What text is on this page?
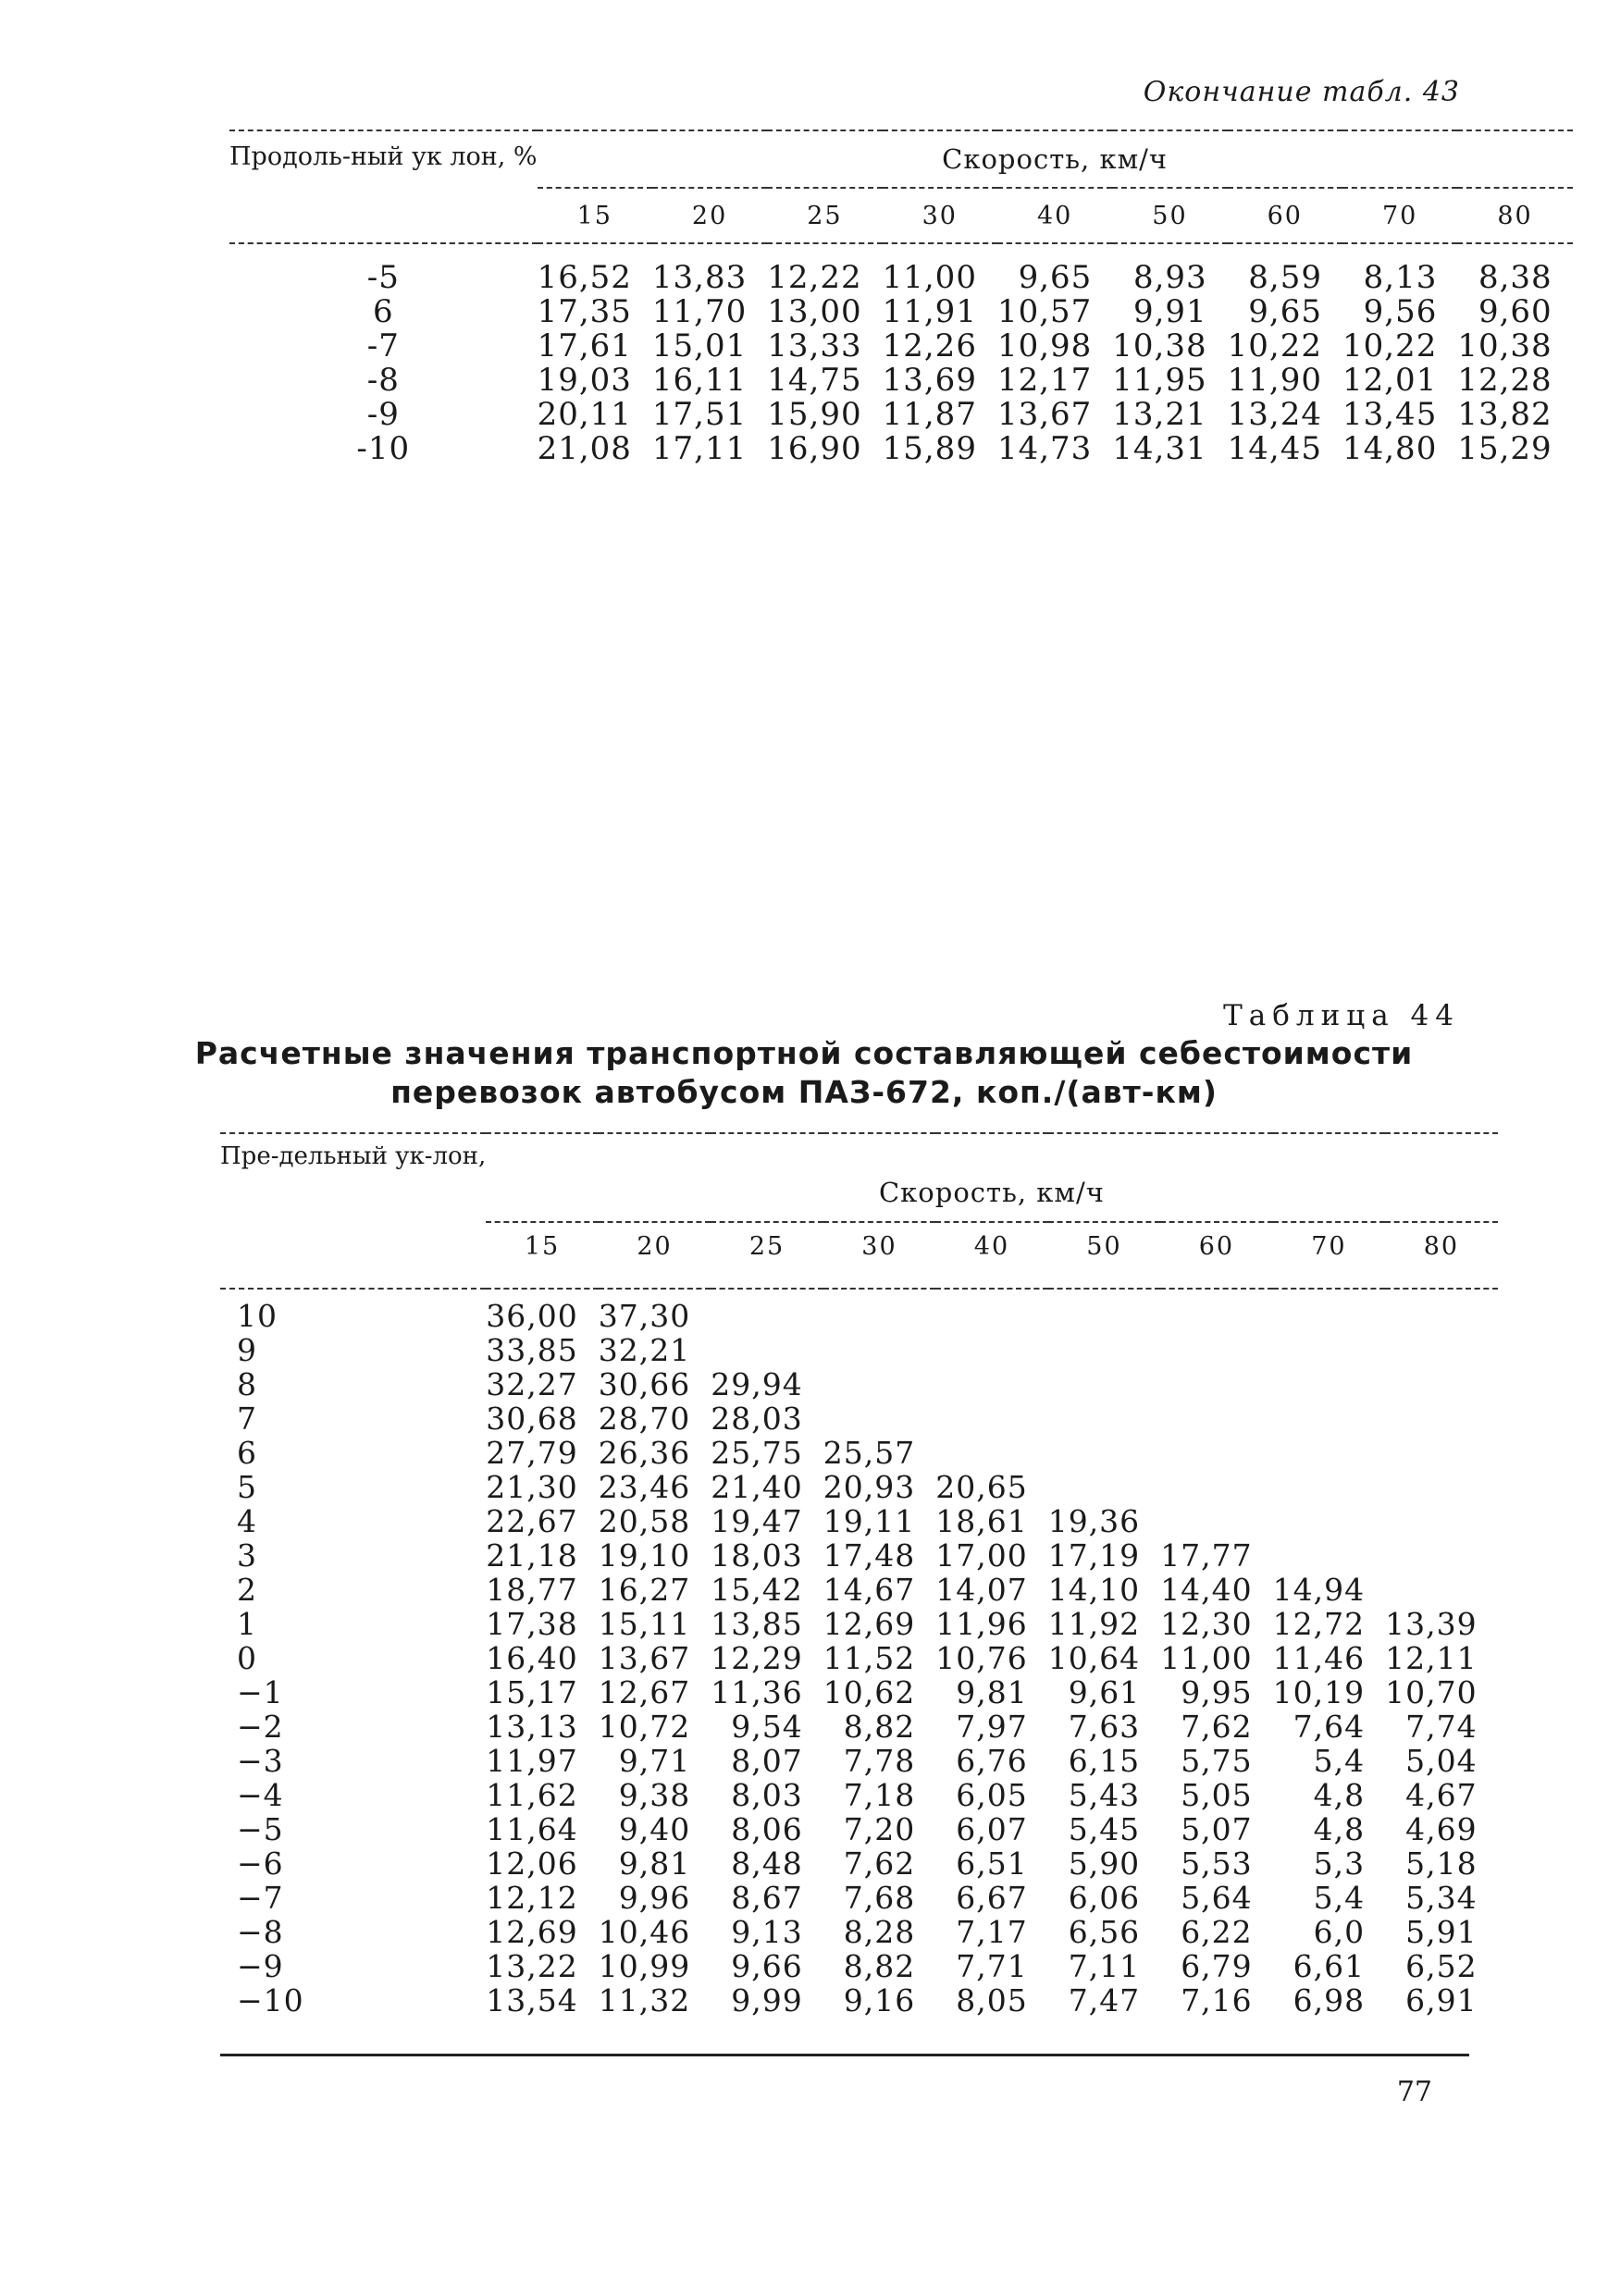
Окончание табл. 43
Продоль-ный ук лон, %	Скорость, км/ч								
	15	20	25	30	40	50	60	70	80
-5	16,52	13,83	12,22	11,00	9,65	8,93	8,59	8,13	8,38
6	17,35	11,70	13,00	11,91	10,57	9,91	9,65	9,56	9,60
-7	17,61	15,01	13,33	12,26	10,98	10,38	10,22	10,22	10,38
-8	19,03	16,11	14,75	13,69	12,17	11,95	11,90	12,01	12,28
-9	20,11	17,51	15,90	11,87	13,67	13,21	13,24	13,45	13,82
-10	21,08	17,11	16,90	15,89	14,73	14,31	14,45	14,80	15,29
Таблица 44
Расчетные значения транспортной составляющей себестоимости
перевозок автобусом ПАЗ-672, коп./(авт-км)
Пре-дельный ук-лон,	Скорость, км/ч								
	15	20	25	30	40	50	60	70	80
10	36,00	37,30							
9	33,85	32,21							
8	32,27	30,66	29,94						
7	30,68	28,70	28,03						
6	27,79	26,36	25,75	25,57					
5	21,30	23,46	21,40	20,93	20,65				
4	22,67	20,58	19,47	19,11	18,61	19,36			
3	21,18	19,10	18,03	17,48	17,00	17,19	17,77		
2	18,77	16,27	15,42	14,67	14,07	14,10	14,40	14,94	
1	17,38	15,11	13,85	12,69	11,96	11,92	12,30	12,72	13,39
0	16,40	13,67	12,29	11,52	10,76	10,64	11,00	11,46	12,11
−1	15,17	12,67	11,36	10,62	9,81	9,61	9,95	10,19	10,70
−2	13,13	10,72	9,54	8,82	7,97	7,63	7,62	7,64	7,74
−3	11,97	9,71	8,07	7,78	6,76	6,15	5,75	5,4	5,04
−4	11,62	9,38	8,03	7,18	6,05	5,43	5,05	4,8	4,67
−5	11,64	9,40	8,06	7,20	6,07	5,45	5,07	4,8	4,69
−6	12,06	9,81	8,48	7,62	6,51	5,90	5,53	5,3	5,18
−7	12,12	9,96	8,67	7,68	6,67	6,06	5,64	5,4	5,34
−8	12,69	10,46	9,13	8,28	7,17	6,56	6,22	6,0	5,91
−9	13,22	10,99	9,66	8,82	7,71	7,11	6,79	6,61	6,52
−10	13,54	11,32	9,99	9,16	8,05	7,47	7,16	6,98	6,91
77
